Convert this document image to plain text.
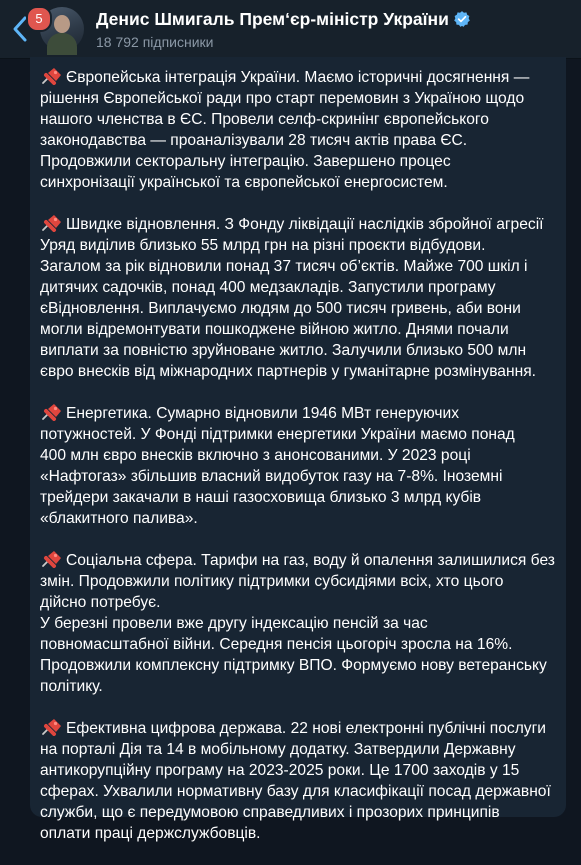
5	Денис Шмигаль Прем‘єр-міністр України
18 792 підписники
Європейська інтеграція України. Маємо історичні досягнення —
рішення Європейської ради про старт перемовин з Україною щодо
нашого членства в ЄС. Провели селф-скринінг європейського
законодавства — проаналізували 28 тисяч актів права ЄС.
Продовжили секторальну інтеграцію. Завершено процес
синхронізації української та європейської енергосистем.
Швидке відновлення. З Фонду ліквідації наслідків збройної агресії
Уряд виділив близько 55 млрд грн на різні проєкти відбудови.
Загалом за рік відновили понад 37 тисяч об’єктів. Майже 700 шкіл і
дитячих садочків, понад 400 медзакладів. Запустили програму
єВідновлення. Виплачуємо людям до 500 тисяч гривень, аби вони
могли відремонтувати пошкоджене війною житло. Днями почали
виплати за повністю зруйноване житло. Залучили близько 500 млн
євро внесків від міжнародних партнерів у гуманітарне розмінування.
Енергетика. Сумарно відновили 1946 МВт генеруючих
потужностей. У Фонді підтримки енергетики України маємо понад
400 млн євро внесків включно з анонсованими. У 2023 році
«Нафтогаз» збільшив власний видобуток газу на 7-8%. Іноземні
трейдери закачали в наші газосховища близько 3 млрд кубів
«блакитного палива».
Соціальна сфера. Тарифи на газ, воду й опалення залишилися без
змін. Продовжили політику підтримки субсидіями всіх, хто цього
дійсно потребує.
У березні провели вже другу індексацію пенсій за час
повномасштабної війни. Середня пенсія цьогоріч зросла на 16%.
Продовжили комплексну підтримку ВПО. Формуємо нову ветеранську
політику.
Ефективна цифрова держава. 22 нові електронні публічні послуги
на порталі Дія та 14 в мобільному додатку. Затвердили Державну
антикорупційну програму на 2023-2025 роки. Це 1700 заходів у 15
сферах. Ухвалили нормативну базу для класифікації посад державної
служби, що є передумовою справедливих і прозорих принципів
оплати праці держслужбовців.
